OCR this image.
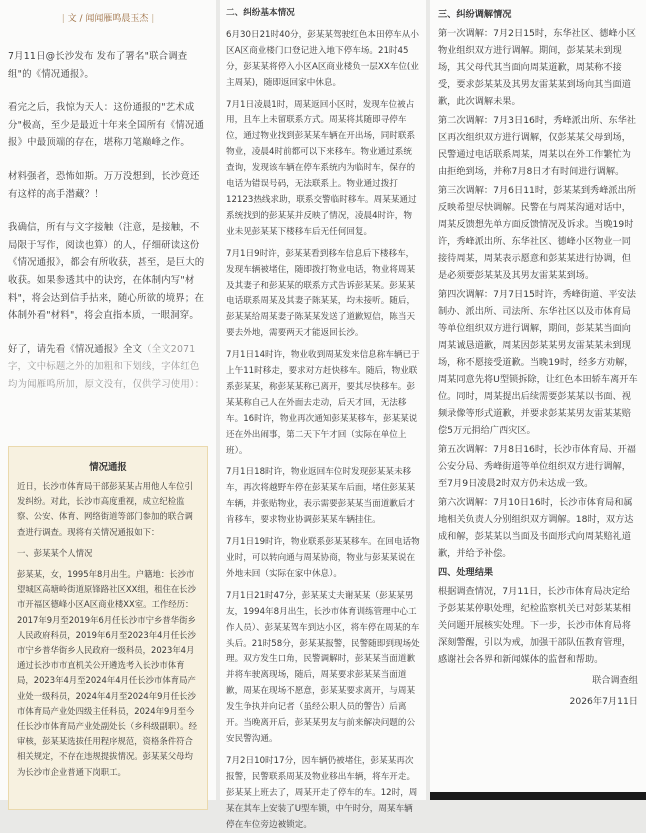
| 文 / 闻闻雁鸣晨玉杰 |

7月11日@长沙发布 发布了署名"联合调查组"的《情况通报》。

看完之后，我惊为天人：这份通报的"艺术成分"极高，至少是最近十年来全国所有《情况通报》中最顶端的存在，堪称刀笔巅峰之作。

材料强者，恐怖如斯。万万没想到，长沙竟还有这样的高手潜藏？！

我确信，所有与文字接触（注意，是接触，不局限于写作，阅读也算）的人，仔细研读这份《情况通报》，都会有所收获，甚至，是巨大的收获。如果参透其中的诀窍，在体制内写"材料"，将会达到信手拈来，随心所欲的境界；在体制外看"材料"，将会直指本质，一眼洞穿。

好了，请先看《情况通报》全文（全文2071字，文中标题之外的加粗和下划线，字体红色均为闻雁鸣所加，原文没有，仅供学习使用）：

情况通报
近日，长沙市体育局干部彭某某占用他人车位引发纠纷。对此，长沙市高度重视，成立纪检监察、公安、体育、网络街道等部门参加的联合调查进行调查。现将有关情况通报如下：
一、彭某某个人情况
彭某某，女，1995年8月出生。户籍地：长沙市望城区高塘岭街道原锋路社区XX组，租住在长沙市开福区德峰小区A区商业楼XX室。工作经历：2017年9月至2019年6月任长沙市宁乡普华街乡人民政府科员，2019年6月至2023年4月任长沙市宁乡普华街乡人民政府一级科员，2023年4月通过长沙市市直机关公开遴选考入长沙市体育局，2023年4月至2024年4月任长沙市体育局产业处一级科员，2024年4月至2024年9月任长沙市体育局产业处四级主任科员，2024年9月至今任长沙市体育局产业处副处长（乡科级副职）。经审核，彭某某选拔任用程序规范，资格条件符合相关规定，不存在违规提拔情况。彭某某父母均为长沙市企业普通下岗职工。

二、纠纷基本情况

6月30日21时40分，彭某某驾驶红色本田停车从小区A区商业楼门口登记进入地下停车场。21时45分，彭某某将停入小区A区商业楼负一层XX车位(业主周某)，随即返回家中休息。

7月1日凌晨1时，周某返回小区时，发现车位被占用，且车上未留联系方式。周某将其随即寻停车位，通过物业找到彭某某车辆在开出场，同时联系物业，凌晨4时前都可以下来移车。物业通过系统查询，发现该车辆在停车系统内为临时车，保存的电话为错误号码，无法联系上。物业通过拨打12123热线求助，联系交警临时移车。周某某通过系统找到的彭某某并反映了情况，凌晨4时许，物业未见彭某某下楼移车后无任何回复。

7月1日9时许，彭某某看到移车信息后下楼移车，发现车辆被堵住，随即拨打物业电话，物业将周某及其妻子和彭某某的联系方式告诉彭某某。彭某某电话联系周某及其妻子陈某某，均未接听。随后，彭某某给周某妻子陈某某发送了道歉短信，陈当天要去外地，需要两天才能返回长沙。

7月1日14时许，物业收到周某发来信息称车辆已于上午11时移走，要求对方赶快移车。随后，物业联系彭某某，称彭某某称已离开，要其尽快移车。彭某某称自己人在外面去走动，后天才回，无法移车。16时许，物业再次通知彭某某移车，彭某某说还在外出闹事，第二天下午才回（实际在单位上班）。

7月1日18时许，物业返回车位时发现彭某某未移车，再次将越野车停在彭某某车后面，堵住彭某某车辆，并张贴物业，表示需要彭某某当面道歉后才肯移车，要求物业协调彭某某车辆挂住。

7月1日19时许，物业联系彭某某移车。在回电话物业时，可以转向通与周某协商，物业与彭某某说在外地未回（实际在家中休息）。

7月1日21时47分，彭某某丈夫谢某某（彭某某男友，1994年8月出生，长沙市体育训练管理中心工作人员）、彭某某驾车到达小区，将车停在周某的车头后。21时58分，彭某某报警，民警随即到现场处理。双方发生口角，民警调解时，彭某某当面道歉并将车驶离现场，随后，周某要求彭某某当面道歉，周某在现场不愿意，彭某某要求离开，与周某发生争执并向记者（虽经公职人员的警告）后离开。当晚离开后，彭某某男友与前来解决问题的公安民警沟通。

7月2日10时17分，因车辆仍被堵住，彭某某再次报警，民警联系周某及物业移出车辆，将车开走。彭某某上班去了，周某开走了停车的车。12时，周某在其车上安装了U型车锁，中午时分，周某车辆停在车位旁边被锁定。

三、纠纷调解情况

第一次调解：7月2日15时，东华社区、德峰小区物业组织双方进行调解。期间，彭某某未到现场，其父母代其当面向周某道歉，周某称不接受，要求彭某某及其男友雷某某到场向其当面道歉，此次调解未果。

第二次调解：7月3日16时，秀峰派出所、东华社区再次组织双方进行调解，仅彭某某父母到场，民警通过电话联系周某，周某以在外工作繁忙为由拒绝到场，并称7月8日才有时间进行调解。

第三次调解：7月6日11时，彭某某到秀峰派出所反映希望尽快调解。民警在与周某沟通对话中，周某反馈想先单方面反馈情况及诉求。当晚19时许，秀峰派出所、东华社区、德峰小区物业一同接待周某，周某表示愿意和彭某某进行协调，但是必须要彭某某及其男友雷某某到场。

第四次调解：7月7日15时许，秀峰街道、平安法制办、派出所、司法所、东华社区以及市体育局等单位组织双方进行调解，期间，彭某某当面向周某诚恳道歉，周某因彭某某男友雷某某未到现场，称不愿接受道歉。当晚19时，经多方劝解，周某同意先将U型锁拆除，让红色本田轿车离开车位。同时，周某提出后续需要彭某某以书面、视频录像等形式道歉，并要求彭某某男友雷某某赔偿5万元捐给广西灾区。

第五次调解：7月8日16时，长沙市体育局、开福公安分局、秀峰街道等单位组织双方进行调解，至7月9日凌晨2时双方仍未达成一致。

第六次调解：7月10日16时，长沙市体育局和属地相关负责人分别组织双方调解。18时，双方达成和解，彭某某以当面及书面形式向周某赔礼道歉，并给予补偿。

四、处理结果

根据调查情况，7月11日，长沙市体育局决定给予彭某某停职处理，纪检监察机关已对彭某某相关问题开展核实处理。下一步，长沙市体育局将深刻警醒，引以为戒，加强干部队伍教育管理，感谢社会各界和新闻媒体的监督和帮助。

联合调查组
2026年7月11日
